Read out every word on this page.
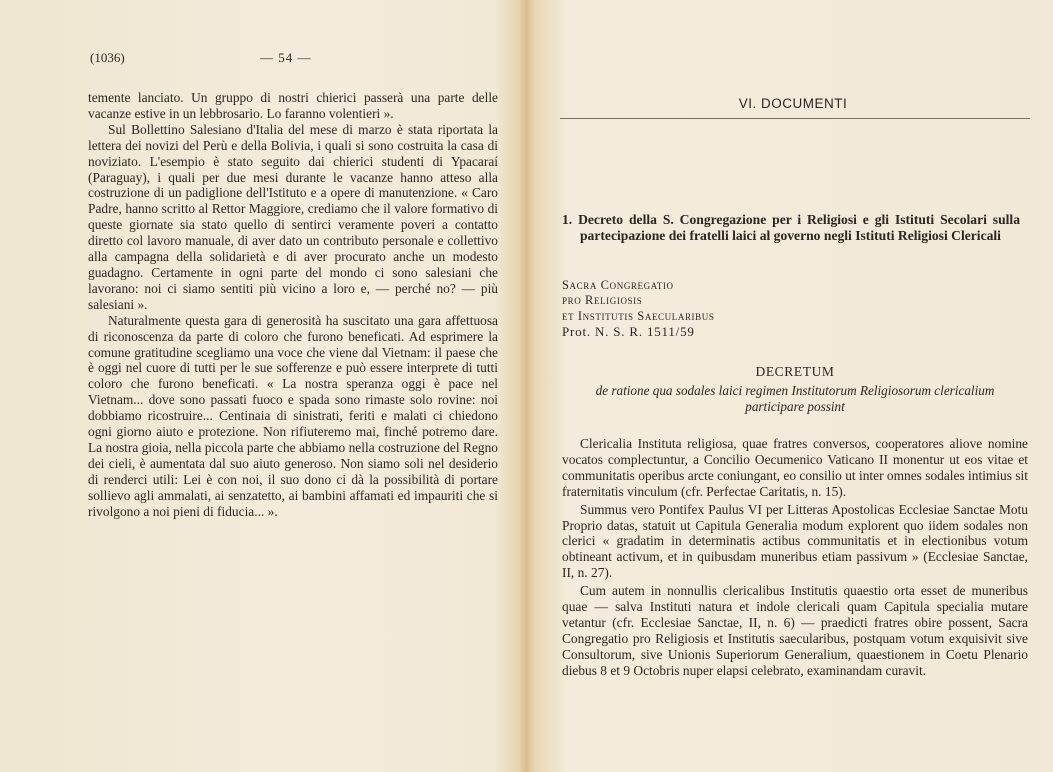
(1036)	— 54 —

temente lanciato. Un gruppo di nostri chierici passerà una parte delle vacanze estive in un lebbrosario. Lo faranno volentieri ».

Sul Bollettino Salesiano d'Italia del mese di marzo è stata riportata la lettera dei novizi del Perù e della Bolivia, i quali si sono costruita la casa di noviziato. L'esempio è stato seguito dai chierici studenti di Ypacaraí (Paraguay), i quali per due mesi durante le vacanze hanno atteso alla costruzione di un padiglione dell'Istituto e a opere di manutenzione. « Caro Padre, hanno scritto al Rettor Maggiore, crediamo che il valore formativo di queste giornate sia stato quello di sentirci veramente poveri a contatto diretto col lavoro manuale, di aver dato un contributo personale e collettivo alla campagna della solidarietà e di aver procurato anche un modesto guadagno. Certamente in ogni parte del mondo ci sono salesiani che lavorano: noi ci siamo sentiti più vicino a loro e, — perché no? — più salesiani ».

Naturalmente questa gara di generosità ha suscitato una gara affettuosa di riconoscenza da parte di coloro che furono beneficati. Ad esprimere la comune gratitudine scegliamo una voce che viene dal Vietnam: il paese che è oggi nel cuore di tutti per le sue sofferenze e può essere interprete di tutti coloro che furono beneficati. « La nostra speranza oggi è pace nel Vietnam... dove sono passati fuoco e spada sono rimaste solo rovine: noi dobbiamo ricostruire... Centinaia di sinistrati, feriti e malati ci chiedono ogni giorno aiuto e protezione. Non rifiuteremo mai, finché potremo dare. La nostra gioia, nella piccola parte che abbiamo nella costruzione del Regno dei cieli, è aumentata dal suo aiuto generoso. Non siamo soli nel desiderio di renderci utili: Lei è con noi, il suo dono ci dà la possibilità di portare sollievo agli ammalati, ai senzatetto, ai bambini affamati ed impauriti che si rivolgono a noi pieni di fiducia... ».

VI. DOCUMENTI
1. Decreto della S. Congregazione per i Religiosi e gli Istituti Secolari sulla partecipazione dei fratelli laici al governo negli Istituti Religiosi Clericali
Sacra Congregatio
pro Religiosis
et Institutis Saecularibus
Prot. N. S. R. 1511/59
DECRETUM
de ratione qua sodales laici regimen Institutorum Religiosorum clericalium participare possint

Clericalia Instituta religiosa, quae fratres conversos, cooperatores aliove nomine vocatos complectuntur, a Concilio Oecumenico Vaticano II monentur ut eos vitae et communitatis operibus arcte coniungant, eo consilio ut inter omnes sodales intimius sit fraternitatis vinculum (cfr. Perfectae Caritatis, n. 15).

Summus vero Pontifex Paulus VI per Litteras Apostolicas Ecclesiae Sanctae Motu Proprio datas, statuit ut Capitula Generalia modum explorent quo iidem sodales non clerici « gradatim in determinatis actibus communitatis et in electionibus votum obtineant activum, et in quibusdam muneribus etiam passivum » (Ecclesiae Sanctae, II, n. 27).

Cum autem in nonnullis clericalibus Institutis quaestio orta esset de muneribus quae — salva Instituti natura et indole clericali quam Capitula specialia mutare vetantur (cfr. Ecclesiae Sanctae, II, n. 6) — praedicti fratres obire possent, Sacra Congregatio pro Religiosis et Institutis saecularibus, postquam votum exquisivit sive Consultorum, sive Unionis Superiorum Generalium, quaestionem in Coetu Plenario diebus 8 et 9 Octobris nuper elapsi celebrato, examinandam curavit.
